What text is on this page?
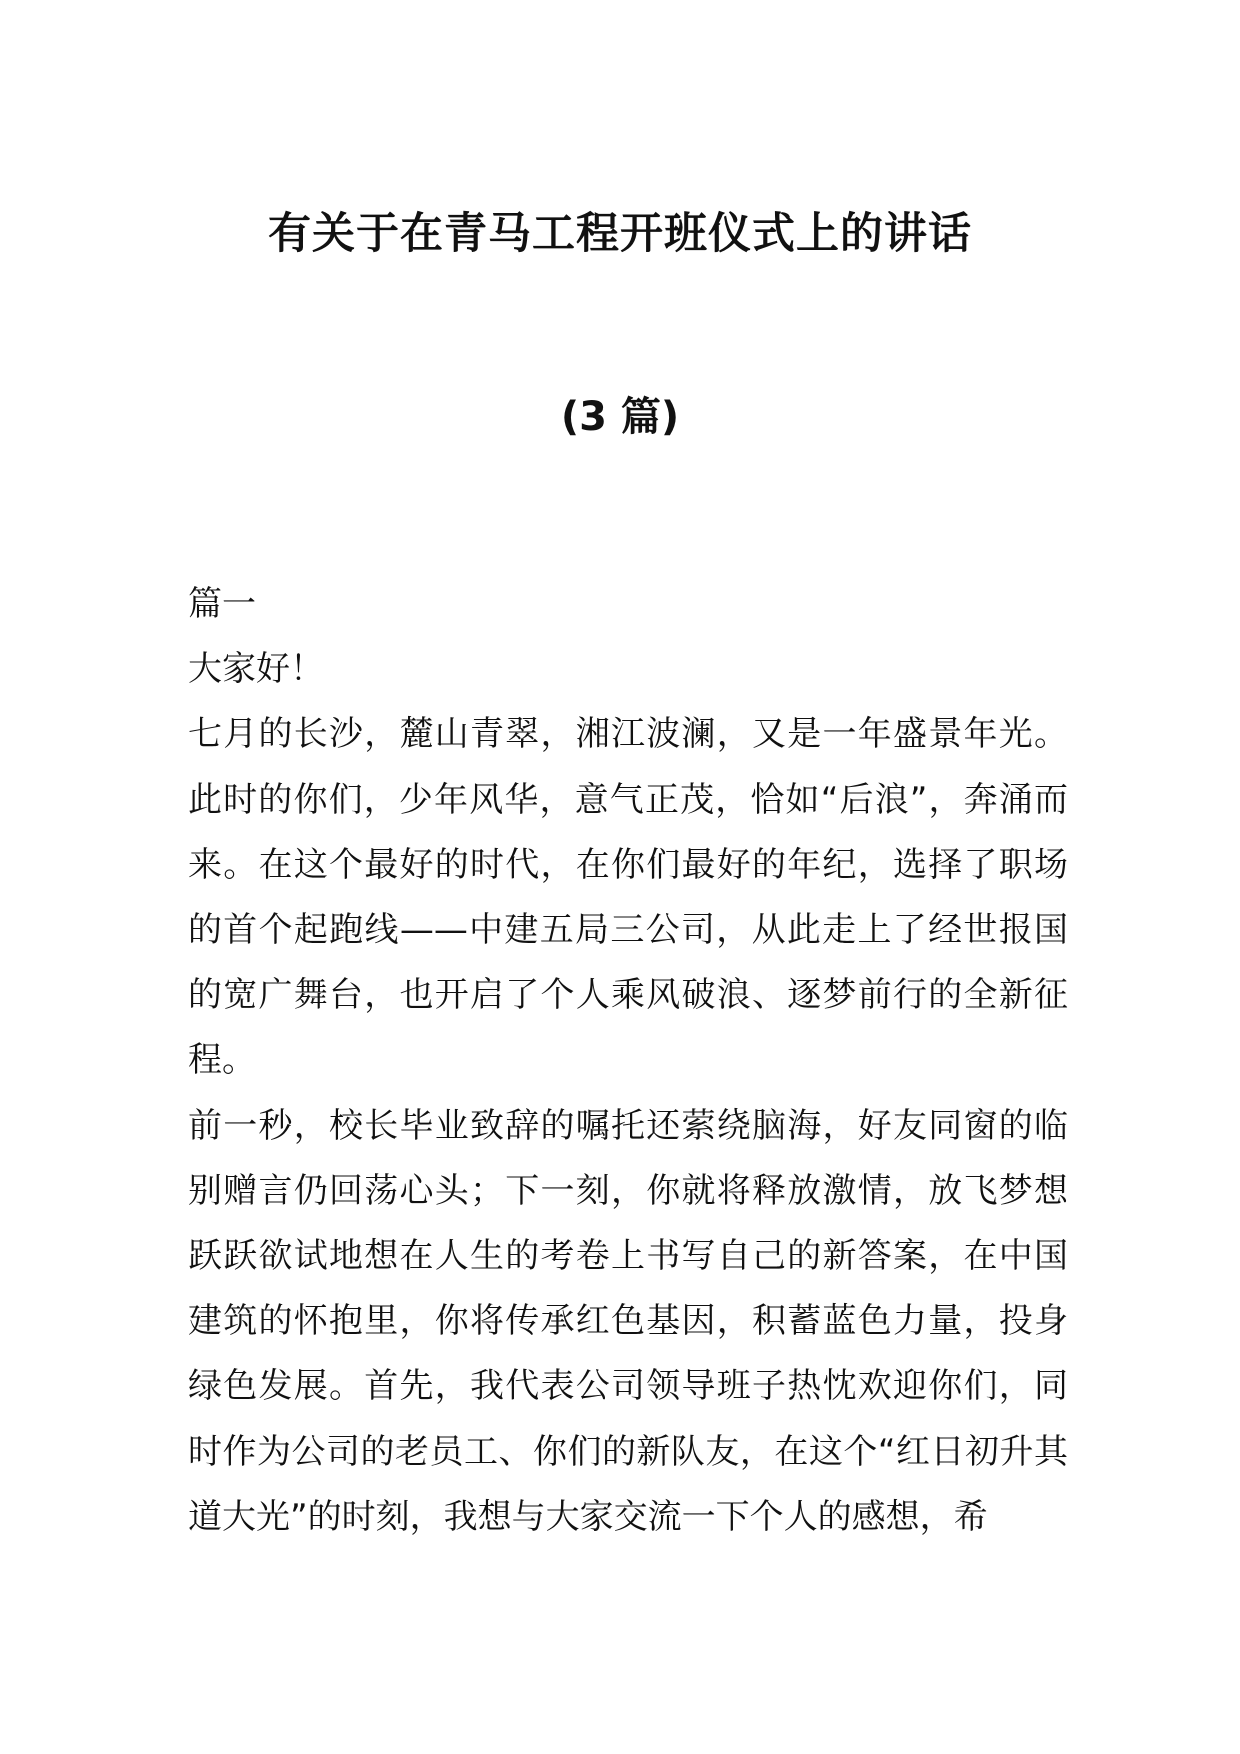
有关于在青马工程开班仪式上的讲话
(3 篇)

篇一

大家好！

七月的长沙，麓山青翠，湘江波澜，又是一年盛景年光。此时的你们，少年风华，意气正茂，恰如“后浪”，奔涌而来。在这个最好的时代，在你们最好的年纪，选择了职场的首个起跑线——中建五局三公司，从此走上了经世报国的宽广舞台，也开启了个人乘风破浪、逐梦前行的全新征程。

前一秒，校长毕业致辞的嘱托还萦绕脑海，好友同窗的临别赠言仍回荡心头；下一刻，你就将释放激情，放飞梦想跃跃欲试地想在人生的考卷上书写自己的新答案，在中国建筑的怀抱里，你将传承红色基因，积蓄蓝色力量，投身绿色发展。首先，我代表公司领导班子热忱欢迎你们，同时作为公司的老员工、你们的新队友，在这个“红日初升其道大光”的时刻，我想与大家交流一下个人的感想，希
